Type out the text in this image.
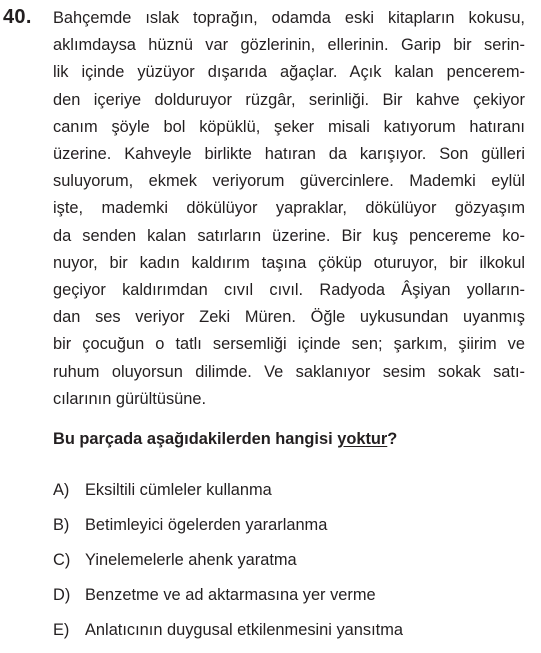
40. Bahçemde ıslak toprağın, odamda eski kitapların kokusu,
aklımdaysa hüznü var gözlerinin, ellerinin. Garip bir serin-
lik içinde yüzüyor dışarıda ağaçlar. Açık kalan pencerem-
den içeriye dolduruyor rüzgâr, serinliği. Bir kahve çekiyor
canım şöyle bol köpüklü, şeker misali katıyorum hatıranı
üzerine. Kahveyle birlikte hatıran da karışıyor. Son gülleri
suluyorum, ekmek veriyorum güvercinlere. Mademki eylül
işte, mademki dökülüyor yapraklar, dökülüyor gözyaşım
da senden kalan satırların üzerine. Bir kuş pencereme ko-
nuyor, bir kadın kaldırım taşına çöküp oturuyor, bir ilkokul
geçiyor kaldırımdan cıvıl cıvıl. Radyoda Âşiyan yolların-
dan ses veriyor Zeki Müren. Öğle uykusundan uyanmış
bir çocuğun o tatlı sersemliği içinde sen; şarkım, şiirim ve
ruhum oluyorsun dilimde. Ve saklanıyor sesim sokak satı-
cılarının gürültüsüne.
Bu parçada aşağıdakilerden hangisi yoktur?
A) Eksiltili cümleler kullanma
B) Betimleyici ögelerden yararlanma
C) Yinelemelerle ahenk yaratma
D) Benzetme ve ad aktarmasına yer verme
E) Anlatıcının duygusal etkilenmesini yansıtma
